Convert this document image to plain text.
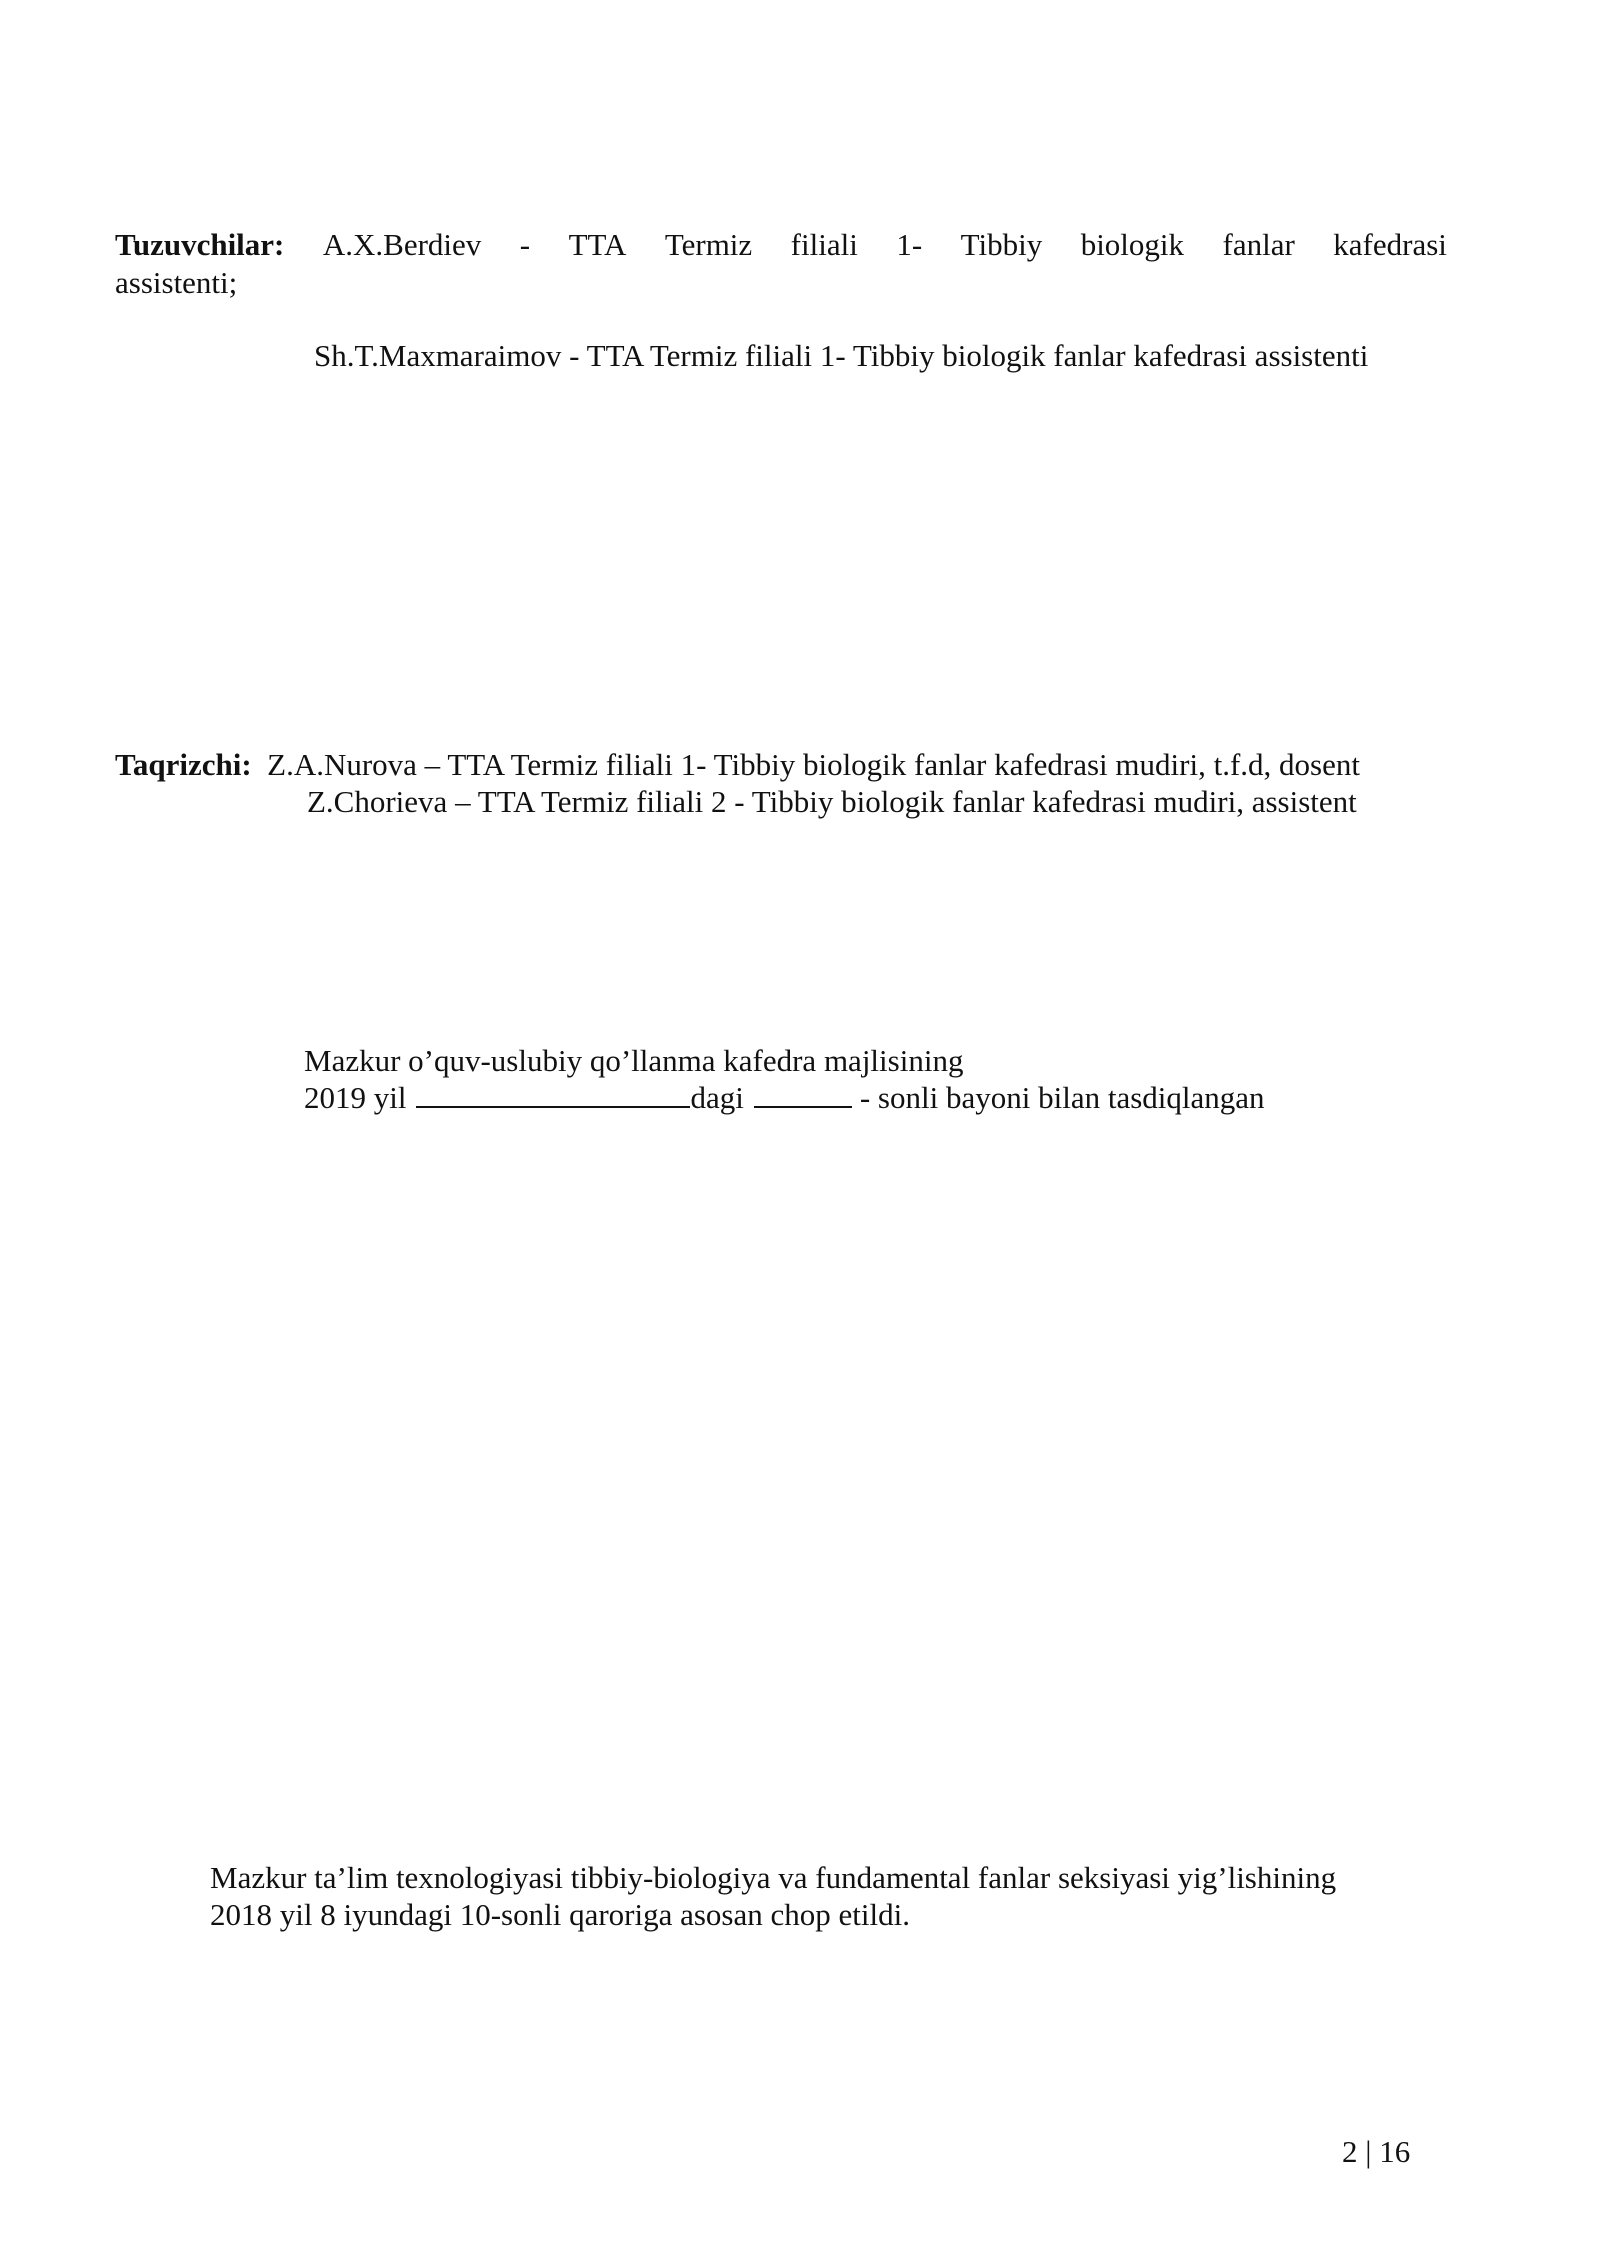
Tuzuvchilar: A.X.Berdiev - TTA Termiz filiali 1- Tibbiy biologik fanlar kafedrasi
assistenti;
Sh.T.Maxmaraimov - TTA Termiz filiali 1- Tibbiy biologik fanlar kafedrasi assistenti
Taqrizchi: Z.A.Nurova – TTA Termiz filiali 1- Tibbiy biologik fanlar kafedrasi mudiri, t.f.d, dosent
Z.Chorieva – TTA Termiz filiali 2 - Tibbiy biologik fanlar kafedrasi mudiri, assistent
Mazkur o’quv-uslubiy qo’llanma kafedra majlisining
2019 yil	dagi	- sonli bayoni bilan tasdiqlangan
Mazkur ta’lim texnologiyasi tibbiy-biologiya va fundamental fanlar seksiyasi yig’lishining
2018 yil 8 iyundagi 10-sonli qaroriga asosan chop etildi.
2 | 16
